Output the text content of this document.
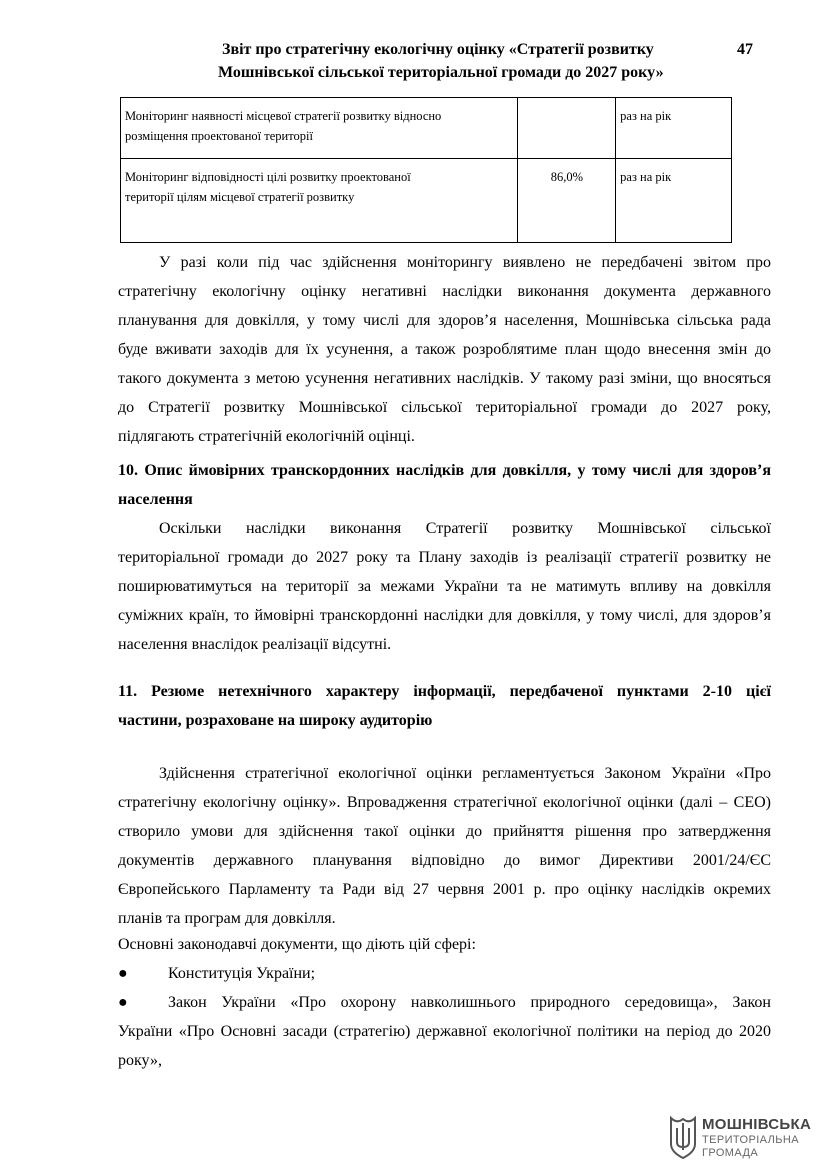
Звіт про стратегічну екологічну оцінку «Стратегії розвитку
Мошнівської сільської територіальної громади до 2027 року»
47
Моніторинг наявності місцевої стратегії розвитку відносно
розміщення проектованої території		раз на рік
Моніторинг відповідності цілі розвитку проектованої
території цілям місцевої стратегії розвитку	86,0%	раз на рік

У разі коли під час здійснення моніторингу виявлено не передбачені звітом про

стратегічну екологічну оцінку негативні наслідки виконання документа державного

планування для довкілля, у тому числі для здоров’я населення, Мошнівська сільська рада

буде вживати заходів для їх усунення, а також розроблятиме план щодо внесення змін до

такого документа з метою усунення негативних наслідків. У такому разі зміни, що вносяться

до Стратегії розвитку Мошнівської сільської територіальної громади до 2027 року,

підлягають стратегічній екологічній оцінці.

10. Опис ймовірних транскордонних наслідків для довкілля, у тому числі для здоров’я

населення

Оскільки наслідки виконання Стратегії розвитку Мошнівської сільської

територіальної громади до 2027 року та Плану заходів із реалізації стратегії розвитку не

поширюватимуться на території за межами України та не матимуть впливу на довкілля

суміжних країн, то ймовірні транскордонні наслідки для довкілля, у тому числі, для здоров’я

населення внаслідок реалізації відсутні.

11. Резюме нетехнічного характеру інформації, передбаченої пунктами 2-10 цієї

частини, розраховане на широку аудиторію

Здійснення стратегічної екологічної оцінки регламентується Законом України «Про

стратегічну екологічну оцінку». Впровадження стратегічної екологічної оцінки (далі – СЕО)

створило умови для здійснення такої оцінки до прийняття рішення про затвердження

документів державного планування відповідно до вимог Директиви 2001/24/ЄС

Європейського Парламенту та Ради від 27 червня 2001 р. про оцінку наслідків окремих

планів та програм для довкілля.

Основні законодавчі документи, що діють цій сфері:

●	Конституція України;
●	Закон України «Про охорону навколишнього природного середовища», Закон

України «Про Основні засади (стратегію) державної екологічної політики на період до 2020

року»,

МОШНІВСЬКА
ТЕРИТОРІАЛЬНА
ГРОМАДА
